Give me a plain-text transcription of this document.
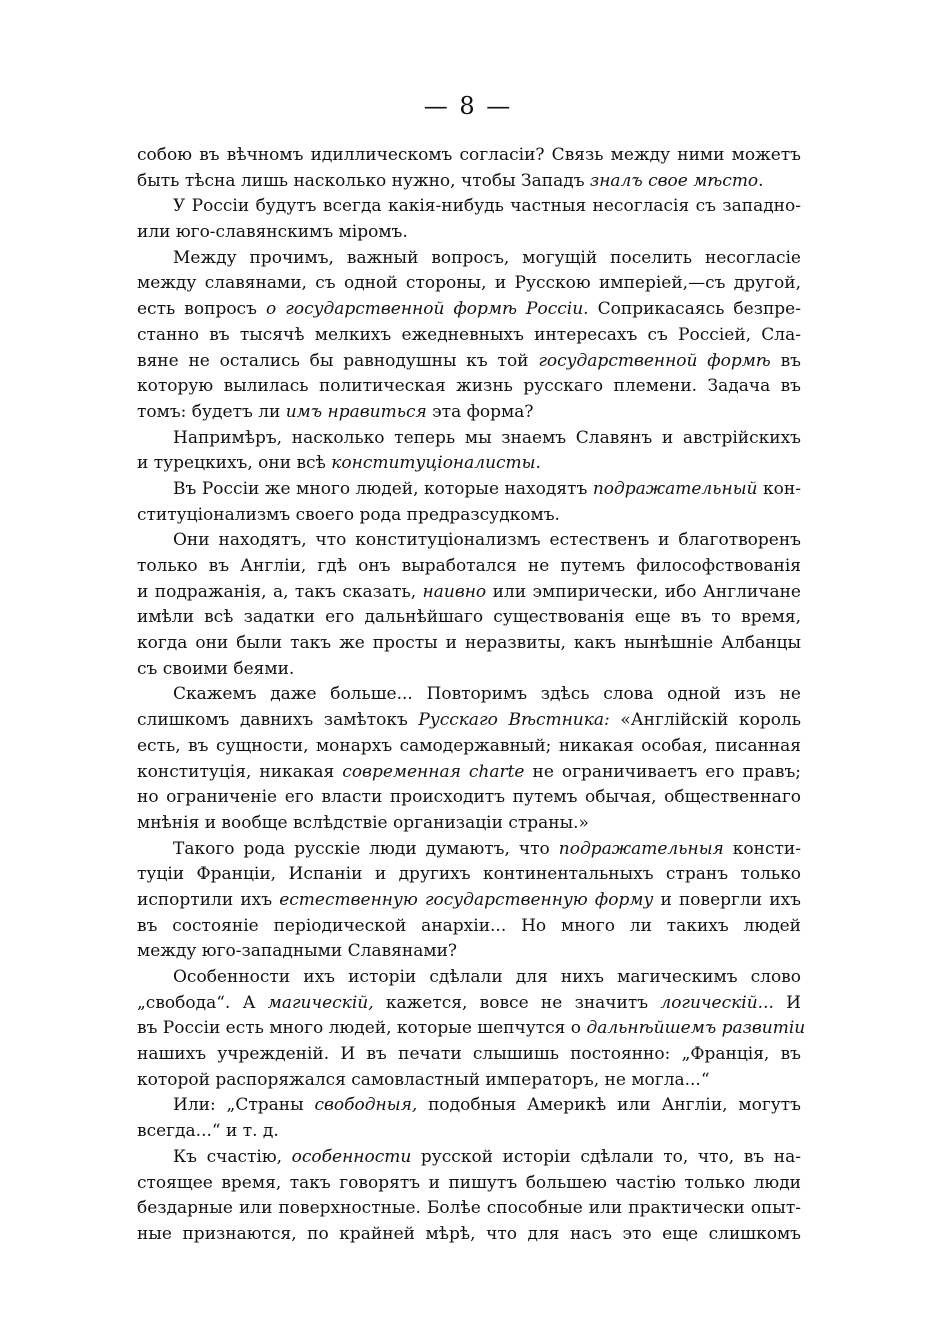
— 8 —
собою въ вѣчномъ идиллическомъ согласіи? Связь между ними можетъ
быть тѣсна лишь насколько нужно, чтобы Западъ зналъ свое мѣсто.
У Россіи будутъ всегда какія-нибудь частныя несогласія съ западно-
или юго-славянскимъ міромъ.
Между прочимъ, важный вопросъ, могущій поселить несогласіе
между славянами, съ одной стороны, и Русскою имперіей,—съ другой,
есть вопросъ о государственной формѣ Россіи. Соприкасаясь безпре-
станно въ тысячѣ мелкихъ ежедневныхъ интересахъ съ Россіей, Сла-
вяне не остались бы равнодушны къ той государственной формѣ въ
которую вылилась политическая жизнь русскаго племени. Задача въ
томъ: будетъ ли имъ нравиться эта форма?
Напримѣръ, насколько теперь мы знаемъ Славянъ и австрійскихъ
и турецкихъ, они всѣ конституціоналисты.
Въ Россіи же много людей, которые находятъ подражательный кон-
ституціонализмъ своего рода предразсудкомъ.
Они находятъ, что конституціонализмъ естественъ и благотворенъ
только въ Англіи, гдѣ онъ выработался не путемъ философствованія
и подражанія, а, такъ сказать, наивно или эмпирически, ибо Англичане
имѣли всѣ задатки его дальнѣйшаго существованія еще въ то время,
когда они были такъ же просты и неразвиты, какъ нынѣшніе Албанцы
съ своими беями.
Скажемъ даже больше... Повторимъ здѣсь слова одной изъ не
слишкомъ давнихъ замѣтокъ Русскаго Вѣстника: «Англійскій король
есть, въ сущности, монархъ самодержавный; никакая особая, писанная
конституція, никакая современная charte не ограничиваетъ его правъ;
но ограниченіе его власти происходитъ путемъ обычая, общественнаго
мнѣнія и вообще вслѣдствіе организаціи страны.»
Такого рода русскіе люди думаютъ, что подражательныя консти-
туціи Франціи, Испаніи и другихъ континентальныхъ странъ только
испортили ихъ естественную государственную форму и повергли ихъ
въ состояніе періодической анархіи... Но много ли такихъ людей
между юго-западными Славянами?
Особенности ихъ исторіи сдѣлали для нихъ магическимъ слово
„свобода“. А магическій, кажется, вовсе не значитъ логическій... И
въ Россіи есть много людей, которые шепчутся о дальнѣйшемъ развитіи
нашихъ учрежденій. И въ печати слышишь постоянно: „Франція, въ
которой распоряжался самовластный императоръ, не могла...“
Или: „Страны свободныя, подобныя Америкѣ или Англіи, могутъ
всегда...“ и т. д.
Къ счастію, особенности русской исторіи сдѣлали то, что, въ на-
стоящее время, такъ говорятъ и пишутъ большею частію только люди
бездарные или поверхностные. Болѣе способные или практически опыт-
ные признаются, по крайней мѣрѣ, что для насъ это еще слишкомъ
